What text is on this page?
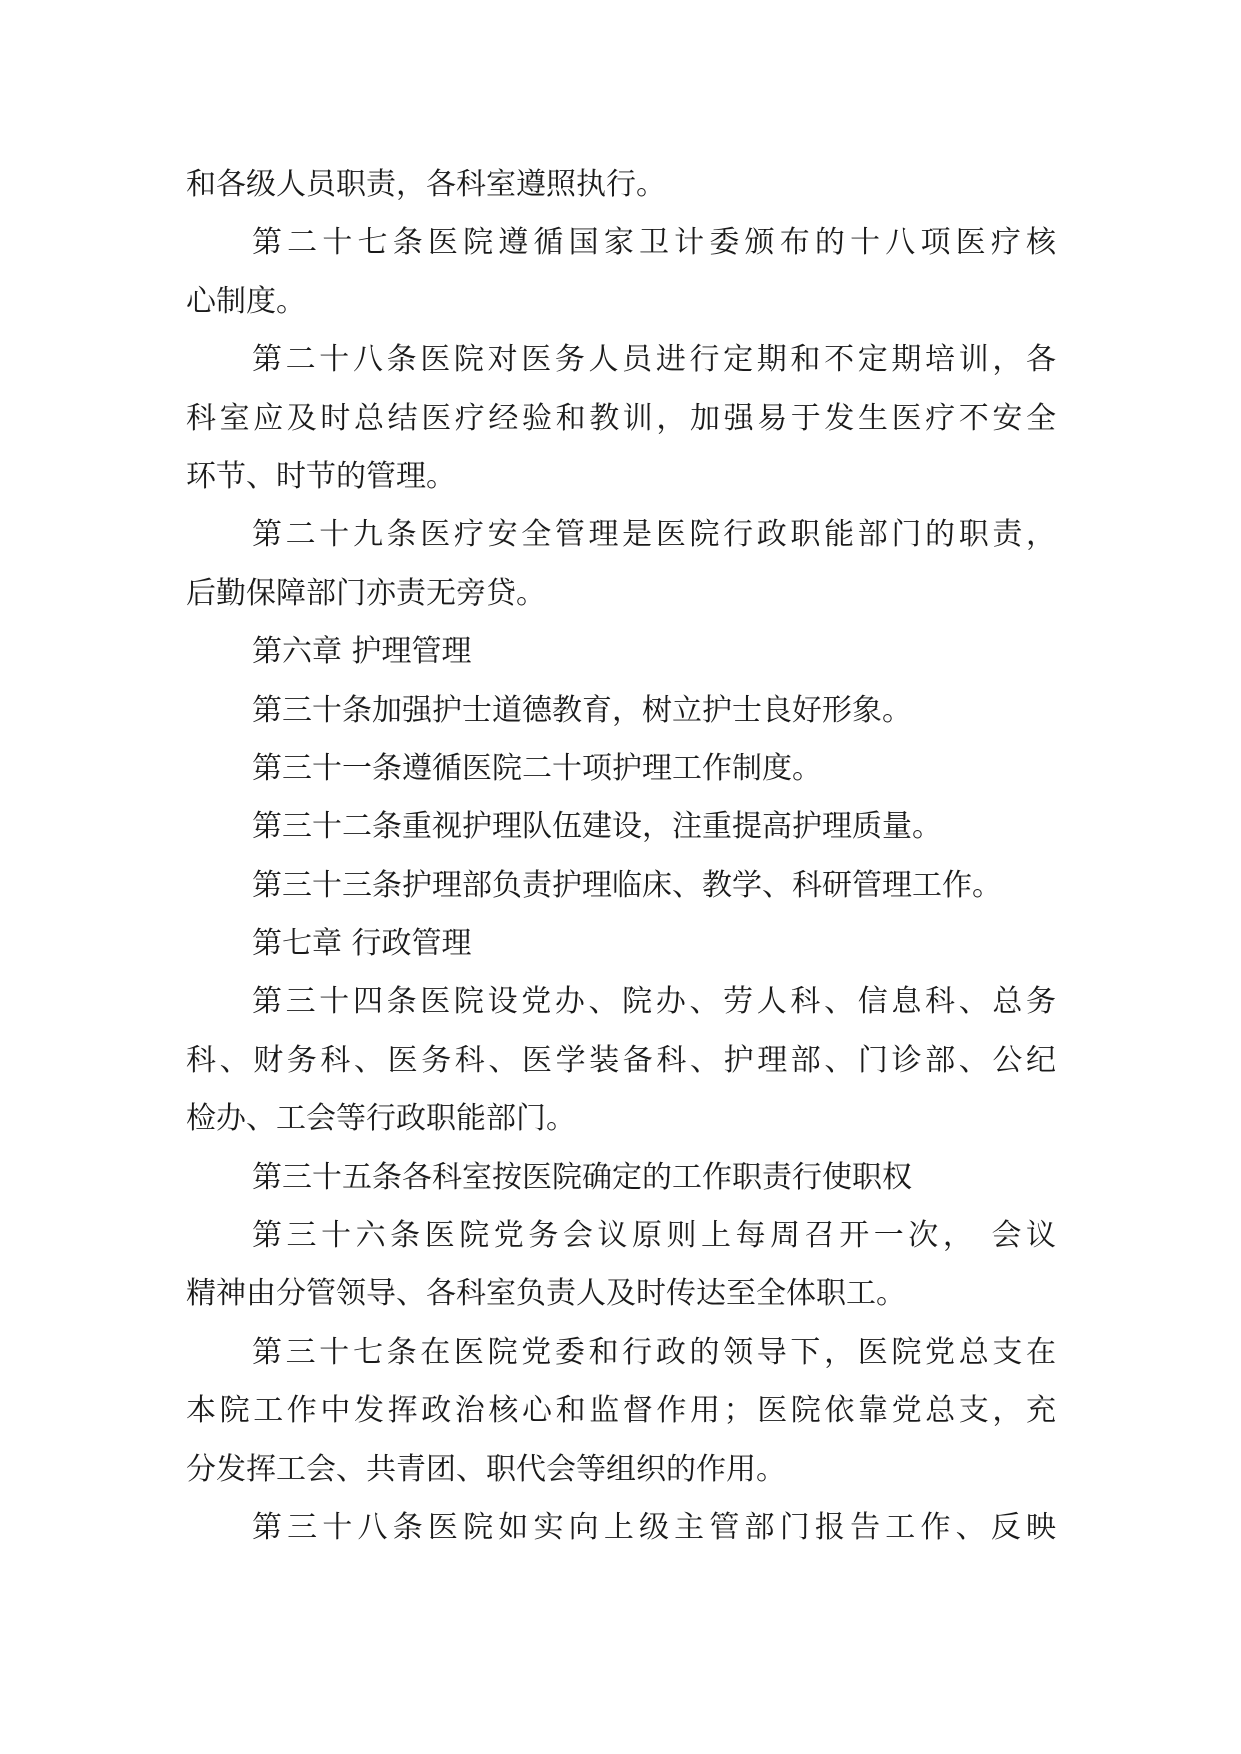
和各级人员职责，各科室遵照执行。
第二十七条医院遵循国家卫计委颁布的十八项医疗核
心制度。
第二十八条医院对医务人员进行定期和不定期培训，各
科室应及时总结医疗经验和教训，加强易于发生医疗不安全
环节、时节的管理。
第二十九条医疗安全管理是医院行政职能部门的职责，
后勤保障部门亦责无旁贷。
第六章 护理管理
第三十条加强护士道德教育，树立护士良好形象。
第三十一条遵循医院二十项护理工作制度。
第三十二条重视护理队伍建设，注重提高护理质量。
第三十三条护理部负责护理临床、教学、科研管理工作。
第七章 行政管理
第三十四条医院设党办、院办、劳人科、信息科、总务
科、财务科、医务科、医学装备科、护理部、门诊部、公纪
检办、工会等行政职能部门。
第三十五条各科室按医院确定的工作职责行使职权
第三十六条医院党务会议原则上每周召开一次， 会议
精神由分管领导、各科室负责人及时传达至全体职工。
第三十七条在医院党委和行政的领导下，医院党总支在
本院工作中发挥政治核心和监督作用；医院依靠党总支，充
分发挥工会、共青团、职代会等组织的作用。
第三十八条医院如实向上级主管部门报告工作、反映
